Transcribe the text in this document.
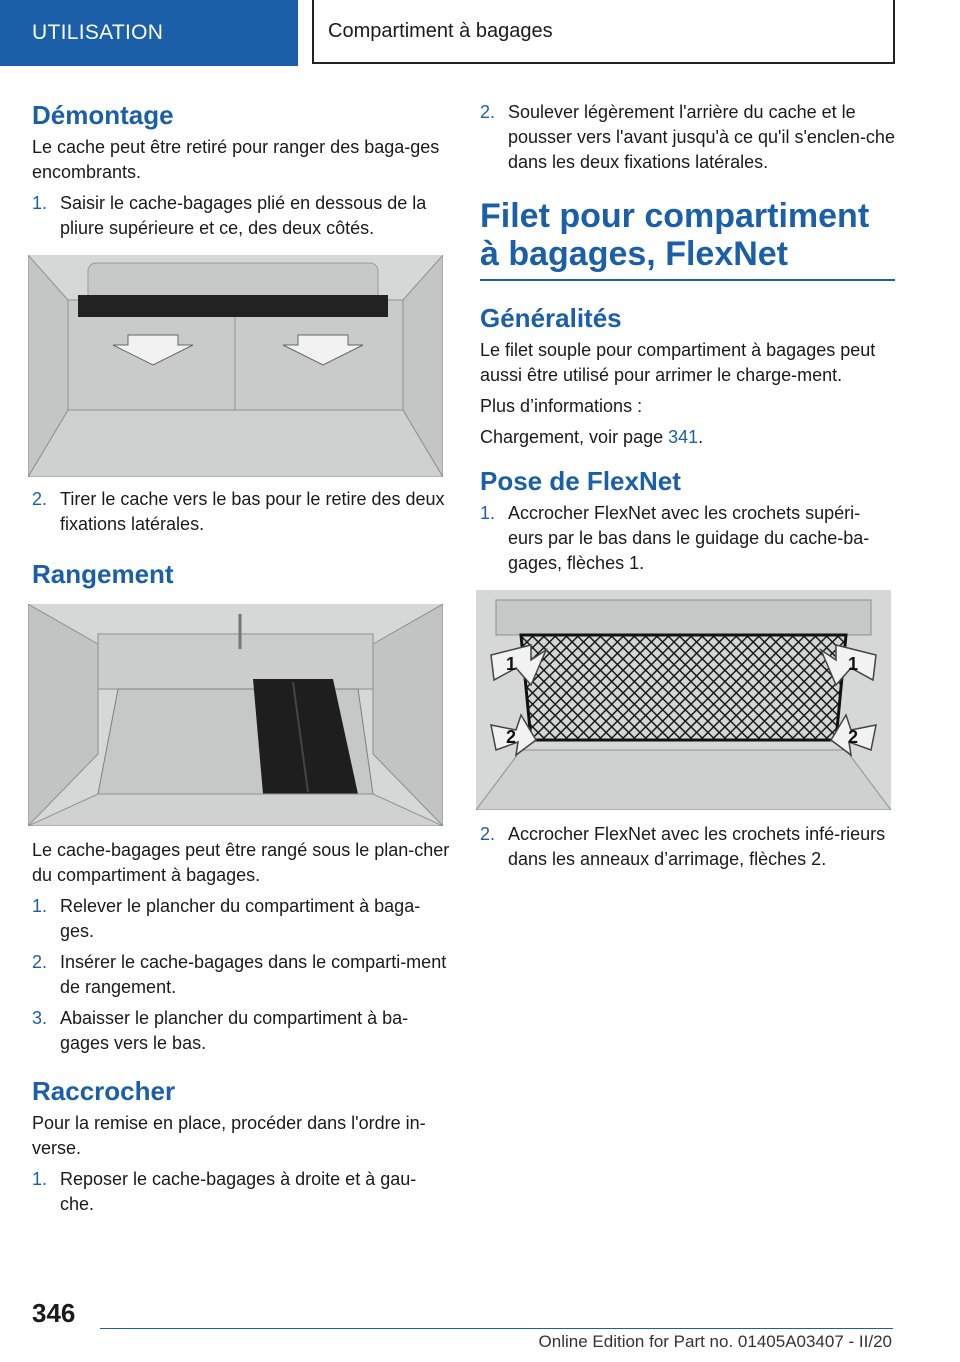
UTILISATION	Compartiment à bagages
Démontage

Le cache peut être retiré pour ranger des baga-ges encombrants.

1. Saisir le cache-bagages plié en dessous de la pliure supérieure et ce, des deux côtés.
2. Tirer le cache vers le bas pour le retire des deux fixations latérales.
Rangement

Le cache-bagages peut être rangé sous le plan-cher du compartiment à bagages.

1. Relever le plancher du compartiment à baga-ges.
2. Insérer le cache-bagages dans le comparti-ment de rangement.
3. Abaisser le plancher du compartiment à ba-gages vers le bas.
Raccrocher

Pour la remise en place, procéder dans l'ordre in-verse.

1. Reposer le cache-bagages à droite et à gau-che.
2. Soulever légèrement l'arrière du cache et le pousser vers l'avant jusqu'à ce qu'il s'enclen-che dans les deux fixations latérales.
Filet pour compartiment à bagages, FlexNet
Généralités

Le filet souple pour compartiment à bagages peut aussi être utilisé pour arrimer le charge-ment.

Plus d’informations :

Chargement, voir page 341.

Pose de FlexNet
1. Accrocher FlexNet avec les crochets supéri-eurs par le bas dans le guidage du cache-ba-gages, flèches 1.
1	1
2	2
2. Accrocher FlexNet avec les crochets infé-rieurs dans les anneaux d’arrimage, flèches 2.
346
Online Edition for Part no. 01405A03407 - II/20
